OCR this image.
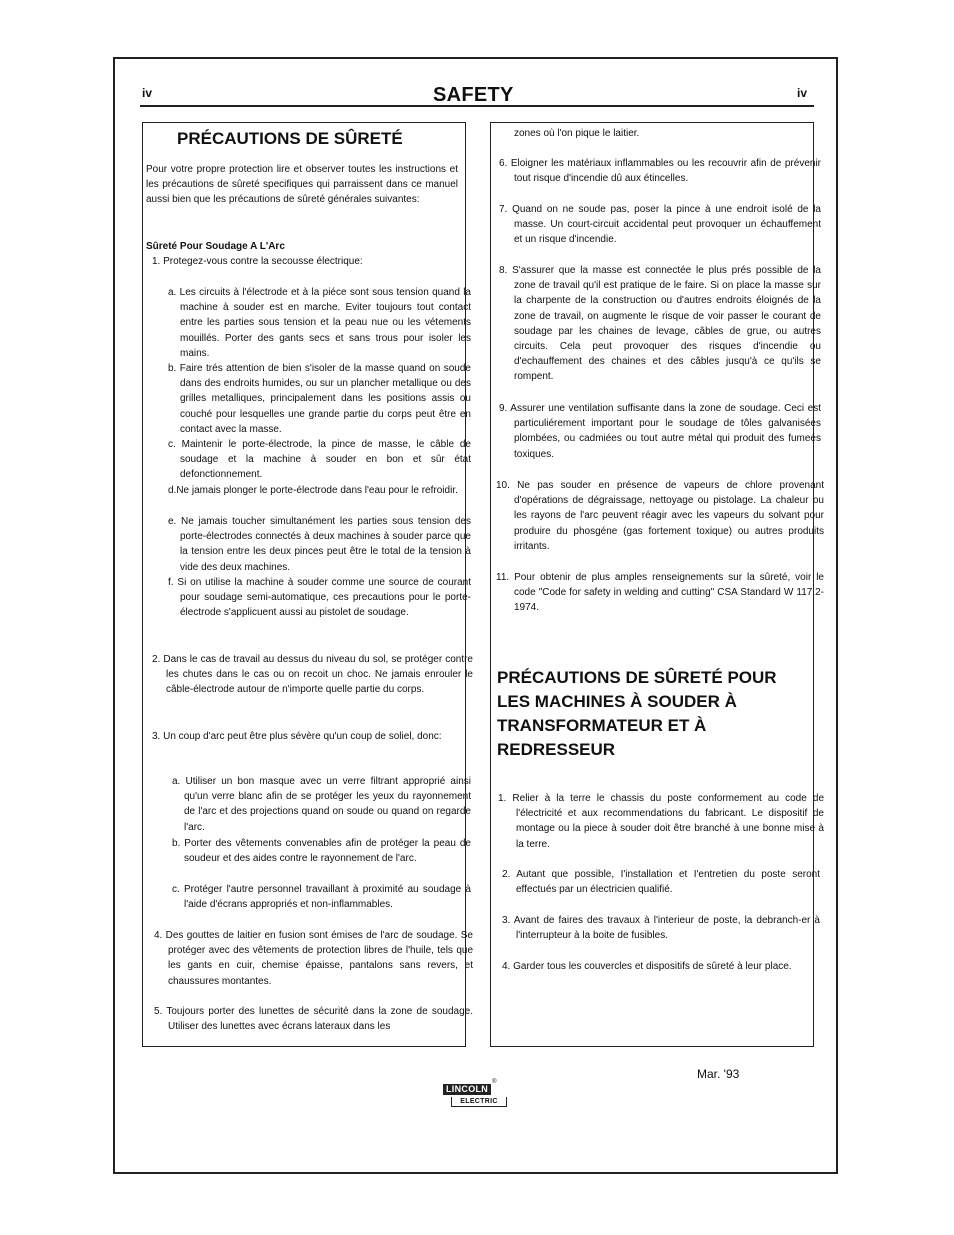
iv	SAFETY	iv
PRÉCAUTIONS DE SÛRETÉ
Pour votre propre protection lire et observer toutes les instructions et les précautions de sûreté specifiques qui parraissent dans ce manuel aussi bien que les précautions de sûreté générales suivantes:
Sûreté Pour Soudage A L'Arc
1. Protegez-vous contre la secousse électrique:
a. Les circuits à l'électrode et à la piéce sont sous tension quand la machine à souder est en marche. Eviter toujours tout contact entre les parties sous tension et la peau nue ou les vétements mouillés. Porter des gants secs et sans trous pour isoler les mains.
b. Faire trés attention de bien s'isoler de la masse quand on soude dans des endroits humides, ou sur un plancher metallique ou des grilles metalliques, principalement dans les positions assis ou couché pour lesquelles une grande partie du corps peut être en contact avec la masse.
c. Maintenir le porte-électrode, la pince de masse, le câble de soudage et la machine à souder en bon et sûr état defonctionnement.
d.Ne jamais plonger le porte-électrode dans l'eau pour le refroidir.
e. Ne jamais toucher simultanément les parties sous tension des porte-électrodes connectés à deux machines à souder parce que la tension entre les deux pinces peut être le total de la tension à vide des deux machines.
f. Si on utilise la machine à souder comme une source de courant pour soudage semi-automatique, ces precautions pour le porte-électrode s'applicuent aussi au pistolet de soudage.
2. Dans le cas de travail au dessus du niveau du sol, se protéger contre les chutes dans le cas ou on recoit un choc. Ne jamais enrouler le câble-électrode autour de n'importe quelle partie du corps.
3. Un coup d'arc peut être plus sévère qu'un coup de soliel, donc:
a. Utiliser un bon masque avec un verre filtrant approprié ainsi qu'un verre blanc afin de se protéger les yeux du rayonnement de l'arc et des projections quand on soude ou quand on regarde l'arc.
b. Porter des vêtements convenables afin de protéger la peau de soudeur et des aides contre le rayonnement de l'arc.
c. Protéger l'autre personnel travaillant à proximité au soudage à l'aide d'écrans appropriés et non-inflammables.
4. Des gouttes de laitier en fusion sont émises de l'arc de soudage. Se protéger avec des vêtements de protection libres de l'huile, tels que les gants en cuir, chemise épaisse, pantalons sans revers, et chaussures montantes.
5. Toujours porter des lunettes de sécurité dans la zone de soudage. Utiliser des lunettes avec écrans lateraux dans les
zones où l'on pique le laitier.
6. Eloigner les matériaux inflammables ou les recouvrir afin de prévenir tout risque d'incendie dû aux étincelles.
7. Quand on ne soude pas, poser la pince à une endroit isolé de la masse. Un court-circuit accidental peut provoquer un échauffement et un risque d'incendie.
8. S'assurer que la masse est connectée le plus prés possible de la zone de travail qu'il est pratique de le faire. Si on place la masse sur la charpente de la construction ou d'autres endroits éloignés de la zone de travail, on augmente le risque de voir passer le courant de soudage par les chaines de levage, câbles de grue, ou autres circuits. Cela peut provoquer des risques d'incendie ou d'echauffement des chaines et des câbles jusqu'à ce qu'ils se rompent.
9. Assurer une ventilation suffisante dans la zone de soudage. Ceci est particuliérement important pour le soudage de tôles galvanisées plombées, ou cadmiées ou tout autre métal qui produit des fumeés toxiques.
10. Ne pas souder en présence de vapeurs de chlore provenant d'opérations de dégraissage, nettoyage ou pistolage. La chaleur ou les rayons de l'arc peuvent réagir avec les vapeurs du solvant pour produire du phosgéne (gas fortement toxique) ou autres produits irritants.
11. Pour obtenir de plus amples renseignements sur la sûreté, voir le code "Code for safety in welding and cutting" CSA Standard W 117.2-1974.
PRÉCAUTIONS DE SÛRETÉ POUR LES MACHINES À SOUDER À TRANSFORMATEUR ET À REDRESSEUR
1. Relier à la terre le chassis du poste conformement au code de l'électricité et aux recommendations du fabricant. Le dispositif de montage ou la piece à souder doit être branché à une bonne mise à la terre.
2. Autant que possible, I'installation et I'entretien du poste seront effectués par un électricien qualifié.
3. Avant de faires des travaux à l'interieur de poste, la debranch-er à l'interrupteur à la boite de fusibles.
4. Garder tous les couvercles et dispositifs de sûreté à leur place.
Mar. '93
LINCOLN®
ELECTRIC
